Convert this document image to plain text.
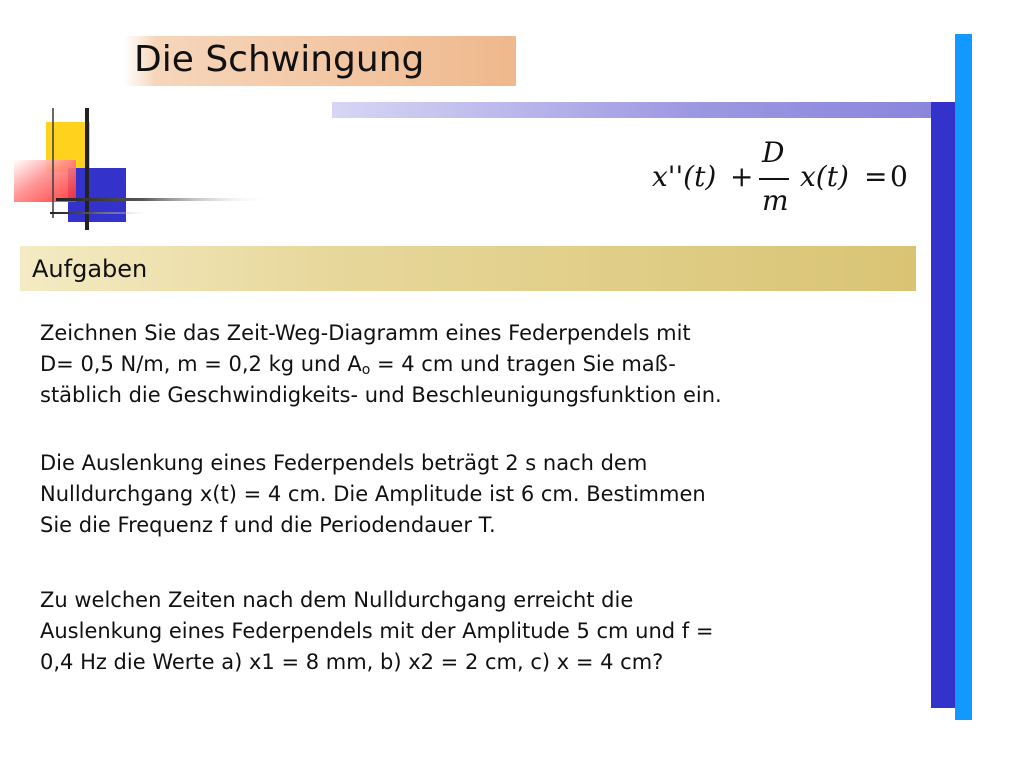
Die Schwingung
x''(t) +
D
m
x(t) = 0
Aufgaben
Zeichnen Sie das Zeit-Weg-Diagramm eines Federpendels mit
D= 0,5 N/m, m = 0,2 kg und $A_o = 4$ cm und tragen Sie maß-
stäblich die Geschwindigkeits- und Beschleunigungsfunktion ein.
Die Auslenkung eines Federpendels beträgt 2 s nach dem
Nulldurchgang x(t) = 4 cm. Die Amplitude ist 6 cm. Bestimmen
Sie die Frequenz f und die Periodendauer T.
Zu welchen Zeiten nach dem Nulldurchgang erreicht die
Auslenkung eines Federpendels mit der Amplitude 5 cm und f =
0,4 Hz die Werte a) x1 = 8 mm, b) x2 = 2 cm, c) x = 4 cm?
